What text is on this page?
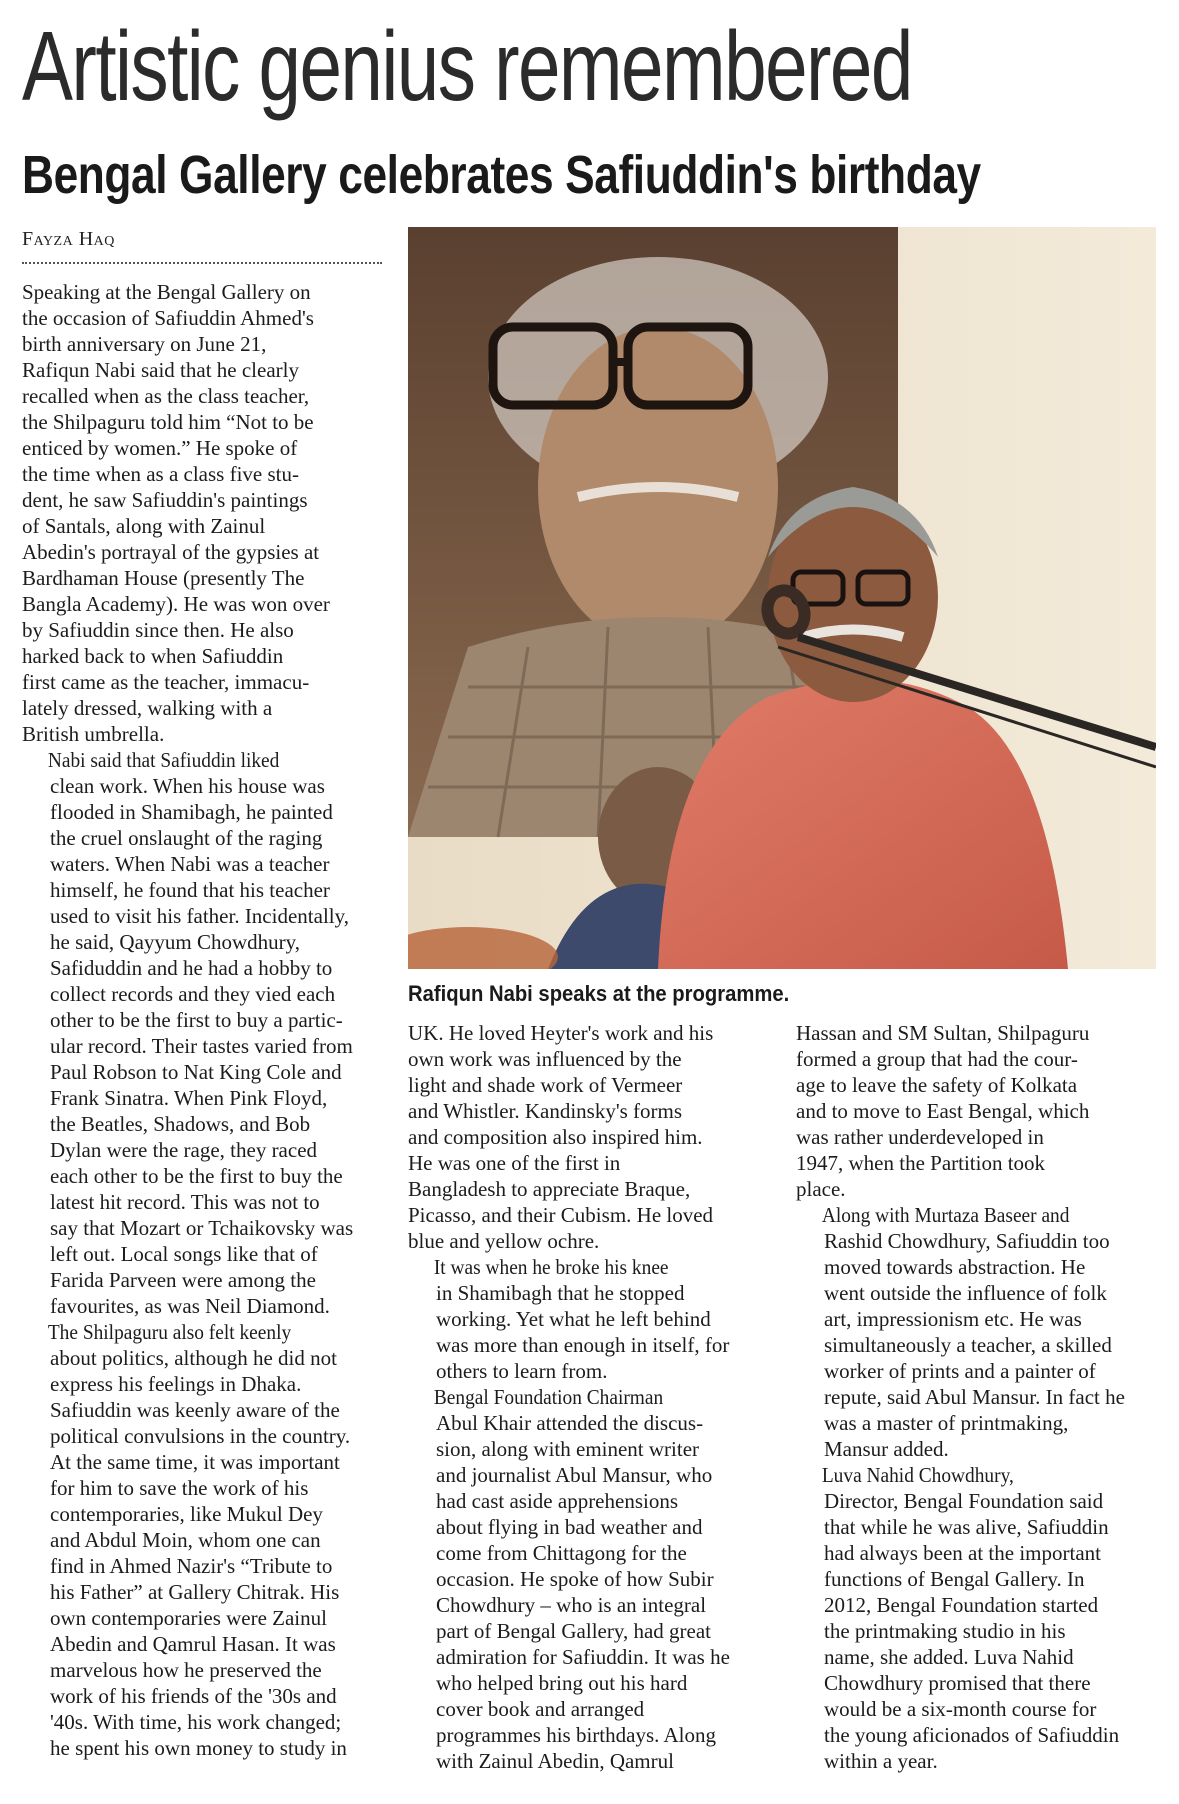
Artistic genius remembered
Bengal Gallery celebrates Safiuddin's birthday
Fayza Haq

Speaking at the Bengal Gallery on
the occasion of Safiuddin Ahmed's
birth anniversary on June 21,
Rafiqun Nabi said that he clearly
recalled when as the class teacher,
the Shilpaguru told him “Not to be
enticed by women.” He spoke of
the time when as a class five stu-
dent, he saw Safiuddin's paintings
of Santals, along with Zainul
Abedin's portrayal of the gypsies at
Bardhaman House (presently The
Bangla Academy). He was won over
by Safiuddin since then. He also
harked back to when Safiuddin
first came as the teacher, immacu-
lately dressed, walking with a
British umbrella.

Nabi said that Safiuddin liked
clean work. When his house was
flooded in Shamibagh, he painted
the cruel onslaught of the raging
waters. When Nabi was a teacher
himself, he found that his teacher
used to visit his father. Incidentally,
he said, Qayyum Chowdhury,
Safiduddin and he had a hobby to
collect records and they vied each
other to be the first to buy a partic-
ular record. Their tastes varied from
Paul Robson to Nat King Cole and
Frank Sinatra. When Pink Floyd,
the Beatles, Shadows, and Bob
Dylan were the rage, they raced
each other to be the first to buy the
latest hit record. This was not to
say that Mozart or Tchaikovsky was
left out. Local songs like that of
Farida Parveen were among the
favourites, as was Neil Diamond.

The Shilpaguru also felt keenly
about politics, although he did not
express his feelings in Dhaka.
Safiuddin was keenly aware of the
political convulsions in the country.
At the same time, it was important
for him to save the work of his
contemporaries, like Mukul Dey
and Abdul Moin, whom one can
find in Ahmed Nazir's “Tribute to
his Father” at Gallery Chitrak. His
own contemporaries were Zainul
Abedin and Qamrul Hasan. It was
marvelous how he preserved the
work of his friends of the '30s and
'40s. With time, his work changed;
he spent his own money to study in

Rafiqun Nabi speaks at the programme.

UK. He loved Heyter's work and his
own work was influenced by the
light and shade work of Vermeer
and Whistler. Kandinsky's forms
and composition also inspired him.
He was one of the first in
Bangladesh to appreciate Braque,
Picasso, and their Cubism. He loved
blue and yellow ochre.

It was when he broke his knee
in Shamibagh that he stopped
working. Yet what he left behind
was more than enough in itself, for
others to learn from.

Bengal Foundation Chairman
Abul Khair attended the discus-
sion, along with eminent writer
and journalist Abul Mansur, who
had cast aside apprehensions
about flying in bad weather and
come from Chittagong for the
occasion. He spoke of how Subir
Chowdhury – who is an integral
part of Bengal Gallery, had great
admiration for Safiuddin. It was he
who helped bring out his hard
cover book and arranged
programmes his birthdays. Along
with Zainul Abedin, Qamrul

Hassan and SM Sultan, Shilpaguru
formed a group that had the cour-
age to leave the safety of Kolkata
and to move to East Bengal, which
was rather underdeveloped in
1947, when the Partition took
place.

Along with Murtaza Baseer and
Rashid Chowdhury, Safiuddin too
moved towards abstraction. He
went outside the influence of folk
art, impressionism etc. He was
simultaneously a teacher, a skilled
worker of prints and a painter of
repute, said Abul Mansur. In fact he
was a master of printmaking,
Mansur added.

Luva Nahid Chowdhury,
Director, Bengal Foundation said
that while he was alive, Safiuddin
had always been at the important
functions of Bengal Gallery. In
2012, Bengal Foundation started
the printmaking studio in his
name, she added. Luva Nahid
Chowdhury promised that there
would be a six-month course for
the young aficionados of Safiuddin
within a year.
